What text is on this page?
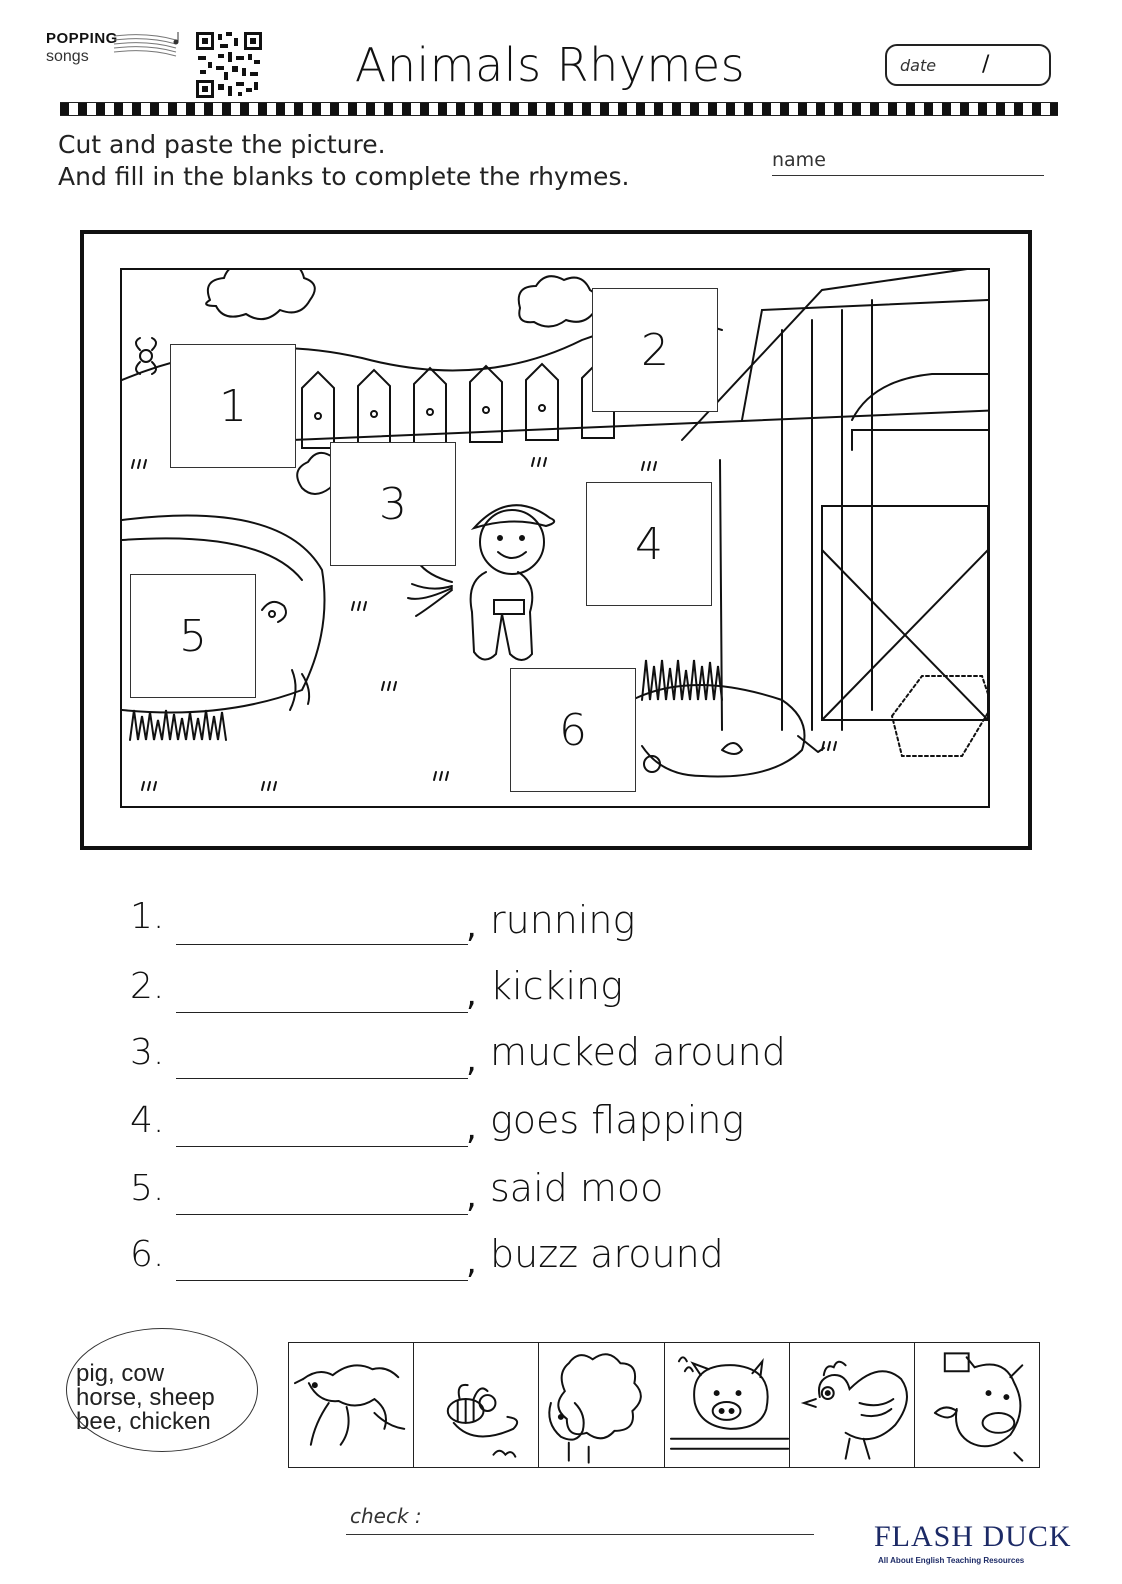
POPPING
songs	Animals Rhymes	date /
Cut and paste the picture.
And fill in the blanks to complete the rhymes.
name
1
2
3
4
5
6
1.	, running
2.	, kicking
3.	, mucked around
4.	, goes flapping
5.	, said moo
6.	, buzz around
pig, cow
horse, sheep
bee, chicken
check :
FLASH DUCK
All About English Teaching Resources
